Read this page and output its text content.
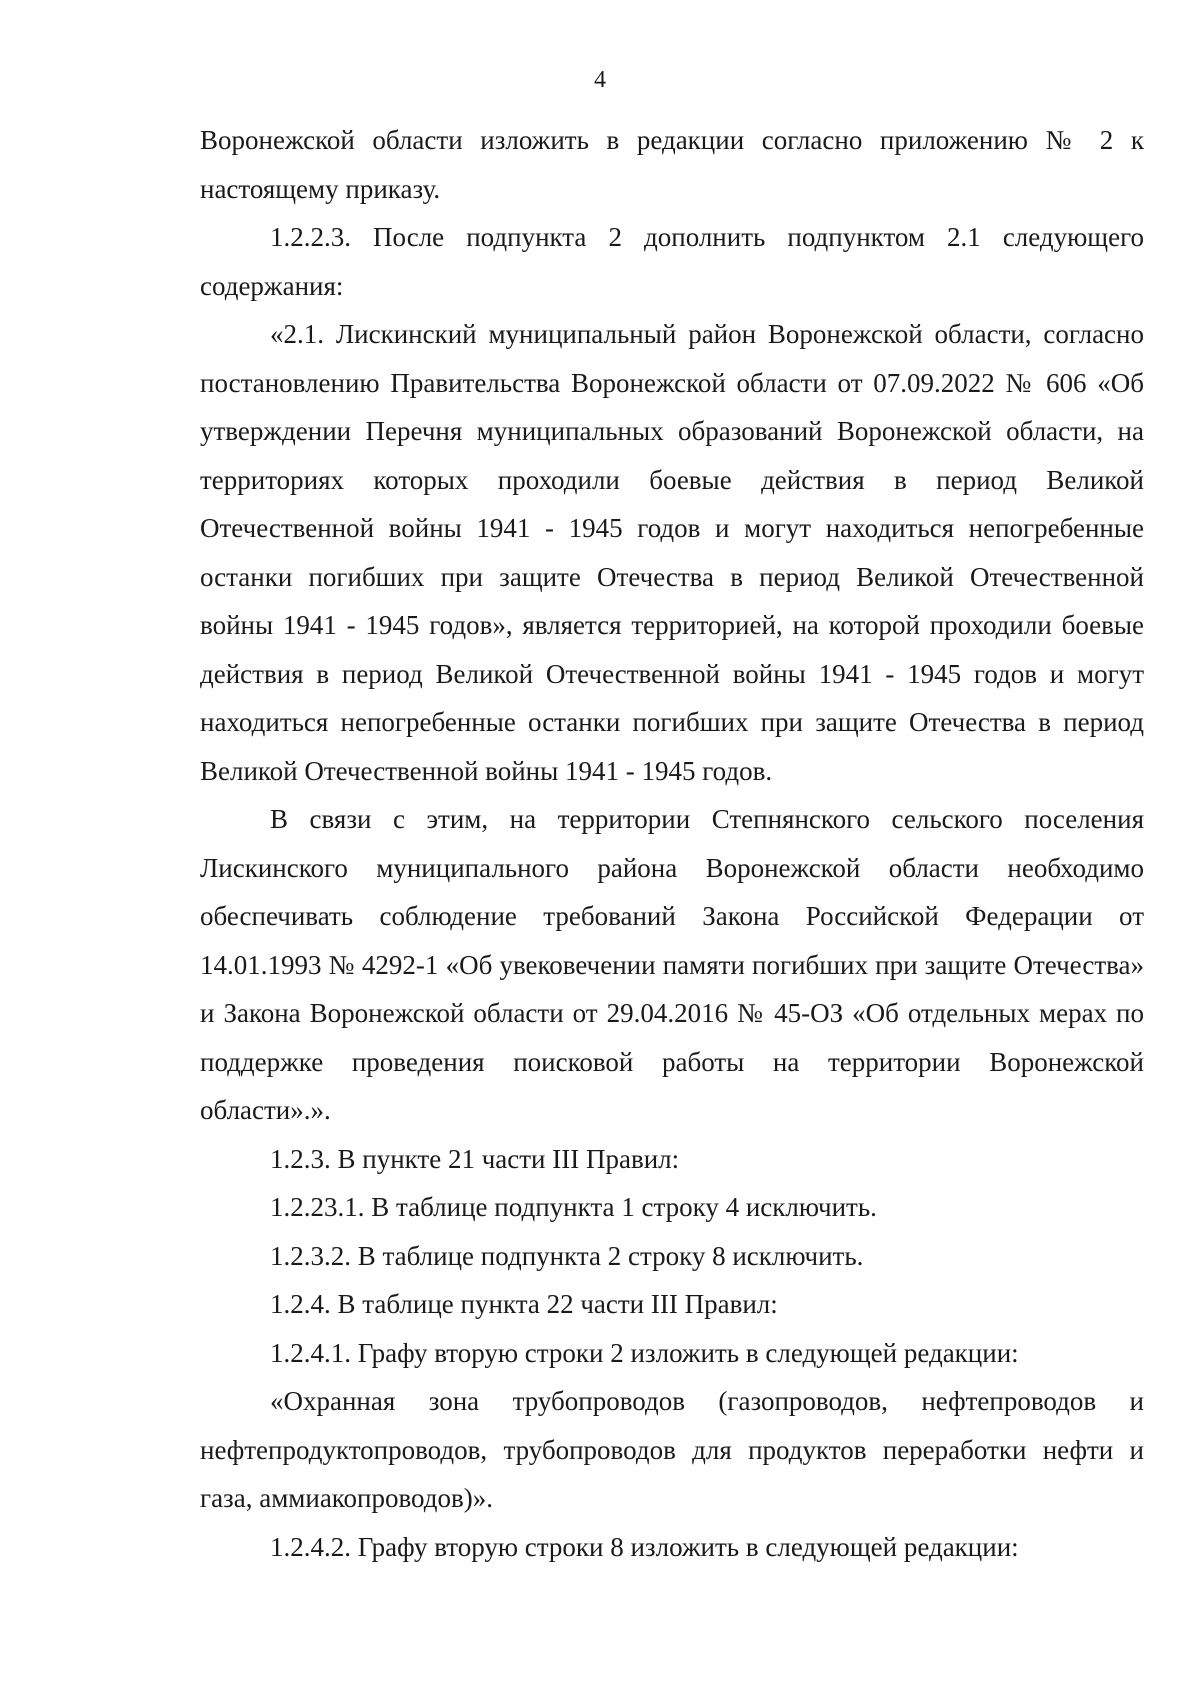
4

Воронежской области изложить в редакции согласно приложению № 2 к настоящему приказу.

1.2.2.3. После подпункта 2 дополнить подпунктом 2.1 следующего содержания:

«2.1. Лискинский муниципальный район Воронежской области, согласно постановлению Правительства Воронежской области от 07.09.2022 № 606 «Об утверждении Перечня муниципальных образований Воронежской области, на территориях которых проходили боевые действия в период Великой Отечественной войны 1941 - 1945 годов и могут находиться непогребенные останки погибших при защите Отечества в период Великой Отечественной войны 1941 - 1945 годов», является территорией, на которой проходили боевые действия в период Великой Отечественной войны 1941 - 1945 годов и могут находиться непогребенные останки погибших при защите Отечества в период Великой Отечественной войны 1941 - 1945 годов.

В связи с этим, на территории Степнянского сельского поселения Лискинского муниципального района Воронежской области необходимо обеспечивать соблюдение требований Закона Российской Федерации от 14.01.1993 № 4292-1 «Об увековечении памяти погибших при защите Отечества» и Закона Воронежской области от 29.04.2016 № 45-ОЗ «Об отдельных мерах по поддержке проведения поисковой работы на территории Воронежской области».».

1.2.3. В пункте 21 части III Правил:

1.2.23.1. В таблице подпункта 1 строку 4 исключить.

1.2.3.2. В таблице подпункта 2 строку 8 исключить.

1.2.4. В таблице пункта 22 части III Правил:

1.2.4.1. Графу вторую строки 2 изложить в следующей редакции:

«Охранная зона трубопроводов (газопроводов, нефтепроводов и нефтепродуктопроводов, трубопроводов для продуктов переработки нефти и газа, аммиакопроводов)».

1.2.4.2. Графу вторую строки 8 изложить в следующей редакции:
